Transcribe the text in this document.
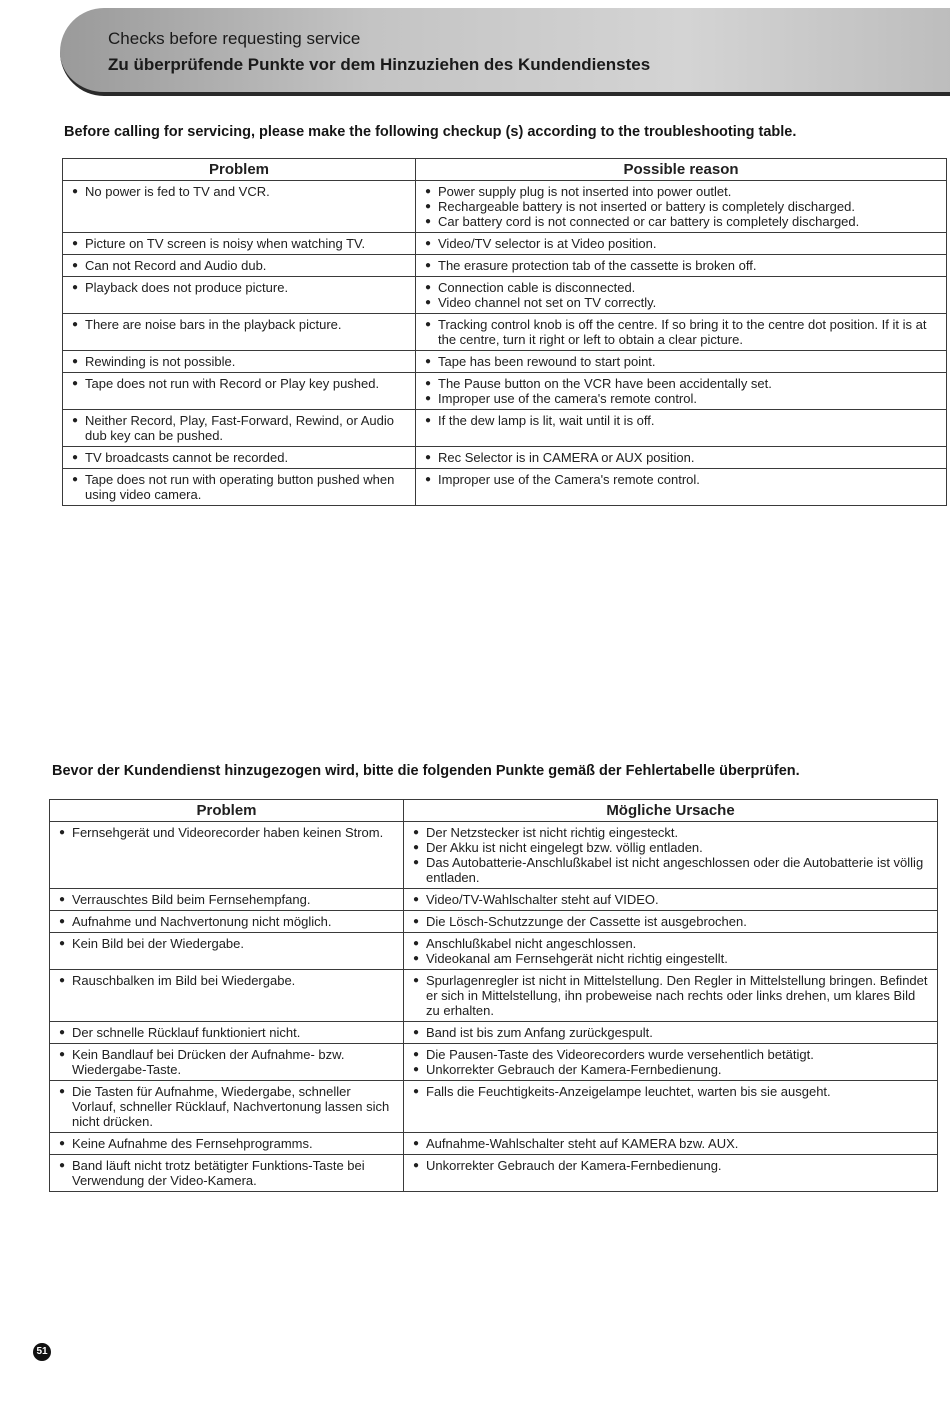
Checks before requesting service
Zu überprüfende Punkte vor dem Hinzuziehen des Kundendienstes
Before calling for servicing, please make the following checkup (s) according to the troubleshooting table.
Problem	Possible reason

● No power is fed to TV and VCR.	● Power supply plug is not inserted into power outlet.
● Rechargeable battery is not inserted or battery is completely discharged.
● Car battery cord is not connected or car battery is completely discharged.

● Picture on TV screen is noisy when watching TV.	● Video/TV selector is at Video position.

● Can not Record and Audio dub.	● The erasure protection tab of the cassette is broken off.

● Playback does not produce picture.	● Connection cable is disconnected.
● Video channel not set on TV correctly.

● There are noise bars in the playback picture.	● Tracking control knob is off the centre. If so bring it to the centre dot position. If it is at the centre, turn it right or left to obtain a clear picture.

● Rewinding is not possible.	● Tape has been rewound to start point.

● Tape does not run with Record or Play key pushed.	● The Pause button on the VCR have been accidentally set.
● Improper use of the camera's remote control.

● Neither Record, Play, Fast-Forward, Rewind, or Audio dub key can be pushed.	● If the dew lamp is lit, wait until it is off.

● TV broadcasts cannot be recorded.	● Rec Selector is in CAMERA or AUX position.

● Tape does not run with operating button pushed when using video camera.	● Improper use of the Camera's remote control.
Bevor der Kundendienst hinzugezogen wird, bitte die folgenden Punkte gemäß der Fehlertabelle überprüfen.
Problem	Mögliche Ursache

● Fernsehgerät und Videorecorder haben keinen Strom.	● Der Netzstecker ist nicht richtig eingesteckt.
● Der Akku ist nicht eingelegt bzw. völlig entladen.
● Das Autobatterie-Anschlußkabel ist nicht angeschlossen oder die Autobatterie ist völlig entladen.

● Verrauschtes Bild beim Fernsehempfang.	● Video/TV-Wahlschalter steht auf VIDEO.

● Aufnahme und Nachvertonung nicht möglich.	● Die Lösch-Schutzzunge der Cassette ist ausgebrochen.

● Kein Bild bei der Wiedergabe.	● Anschlußkabel nicht angeschlossen.
● Videokanal am Fernsehgerät nicht richtig eingestellt.

● Rauschbalken im Bild bei Wiedergabe.	● Spurlagenregler ist nicht in Mittelstellung. Den Regler in Mittelstellung bringen. Befindet er sich in Mittelstellung, ihn probeweise nach rechts oder links drehen, um klares Bild zu erhalten.

● Der schnelle Rücklauf funktioniert nicht.	● Band ist bis zum Anfang zurückgespult.

● Kein Bandlauf bei Drücken der Aufnahme- bzw. Wiedergabe-Taste.	● Die Pausen-Taste des Videorecorders wurde versehentlich betätigt.
● Unkorrekter Gebrauch der Kamera-Fernbedienung.

● Die Tasten für Aufnahme, Wiedergabe, schneller Vorlauf, schneller Rücklauf, Nachvertonung lassen sich nicht drücken.	● Falls die Feuchtigkeits-Anzeigelampe leuchtet, warten bis sie ausgeht.

● Keine Aufnahme des Fernsehprogramms.	● Aufnahme-Wahlschalter steht auf KAMERA bzw. AUX.

● Band läuft nicht trotz betätigter Funktions-Taste bei Verwendung der Video-Kamera.	● Unkorrekter Gebrauch der Kamera-Fernbedienung.
51
